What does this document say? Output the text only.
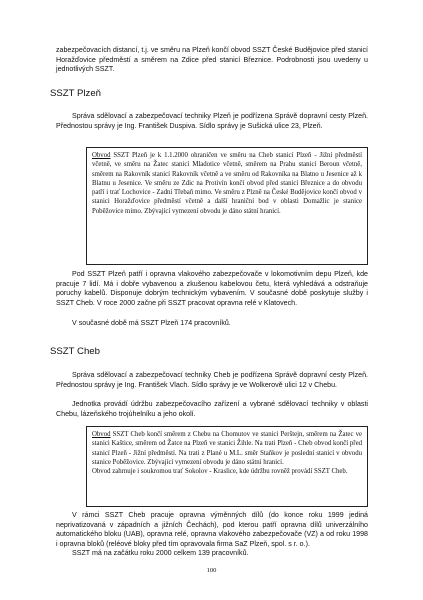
zabezpečovacích distancí, t.j. ve směru na Plzeň končí obvod SSZT České Budějovice před stanicí Horažďovice předměstí a směrem na Zdice před stanicí Březnice. Podrobnosti jsou uvedeny u jednotlivých SSZT.

SSZT Plzeň

Správa sdělovací a zabezpečovací techniky Plzeň je podřízena Správě dopravní cesty Plzeň. Přednostou správy je Ing. František Duspiva. Sídlo správy je Sušická ulice 23, Plzeň.

Obvod SSZT Plzeň je k 1.1.2000 ohraničen ve směru na Cheb stanicí Plzeň - Jižní předměstí včetně, ve směru na Žatec stanicí Mladotice včetně, směrem na Prahu stanicí Beroun včetně, směrem na Rakovník stanicí Rakovník včetně a ve směru od Rakovníka na Blatno u Jesenice až k Blatnu u Jesenice. Ve směru ze Zdic na Protivín končí obvod před stanicí Březnice a do obvodu patří i trať Lochovice - Zadní Třebaň mimo. Ve směru z Plzně na České Budějovice končí obvod v stanici Horažďovice předměstí včetně a další hraniční bod v oblasti Domažlic je stanice Poběžovice mimo. Zbývající vymezení obvodu je dáno státní hranicí.

Pod SSZT Plzeň patří i opravna vlakového zabezpečovače v lokomotivním depu Plzeň, kde pracuje 7 lidí. Má i dobře vybavenou a zkušenou kabelovou četu, která vyhledává a odstraňuje poruchy kabelů. Disponuje dobrým technickým vybavením. V současné době poskytuje služby i SSZT Cheb. V roce 2000 začne při SSZT pracovat opravna relé v Klatovech.

V současné době má SSZT Plzeň 174 pracovníků.

SSZT Cheb

Správa sdělovací a zabezpečovací techniky Cheb je podřízena Správě dopravní cesty Plzeň. Přednostou správy je Ing. František Vlach. Sídlo správy je ve Wolkerově ulici 12 v Chebu.

Jednotka provádí údržbu zabezpečovacího zařízení a vybrané sdělovací techniky v oblasti Chebu, lázeňského trojúhelníku a jeho okolí.

Obvod SSZT Cheb končí směrem z Chebu na Chomutov ve stanici Perštejn, směrem na Žatec ve stanici Kaštice, směrem od Žatce na Plzeň ve stanici Žihle. Na trati Plzeň - Cheb obvod končí před stanicí Plzeň - Jižní předměstí. Na trati z Plané u M.L. směr Staňkov je poslední stanicí v obvodu stanice Poběžovice. Zbývající vymezení obvodu je dáno státní hranicí.
Obvod zahrnuje i soukromou trať Sokolov - Kraslice, kde údržbu rovněž provádí SSZT Cheb.

V rámci SSZT Cheb pracuje opravna výměnných dílů (do konce roku 1999 jediná neprivatizovaná v západních a jižních Čechách), pod kterou patří opravna dílů univerzálního automatického bloku (UAB), opravna relé, opravna vlakového zabezpečovače (VZ) a od roku 1998 i opravna bloků (reléové bloky před tím opravovala firma SaZ Plzeň, spol. s r. o.).

SSZT má na začátku roku 2000 celkem 139 pracovníků.

100
